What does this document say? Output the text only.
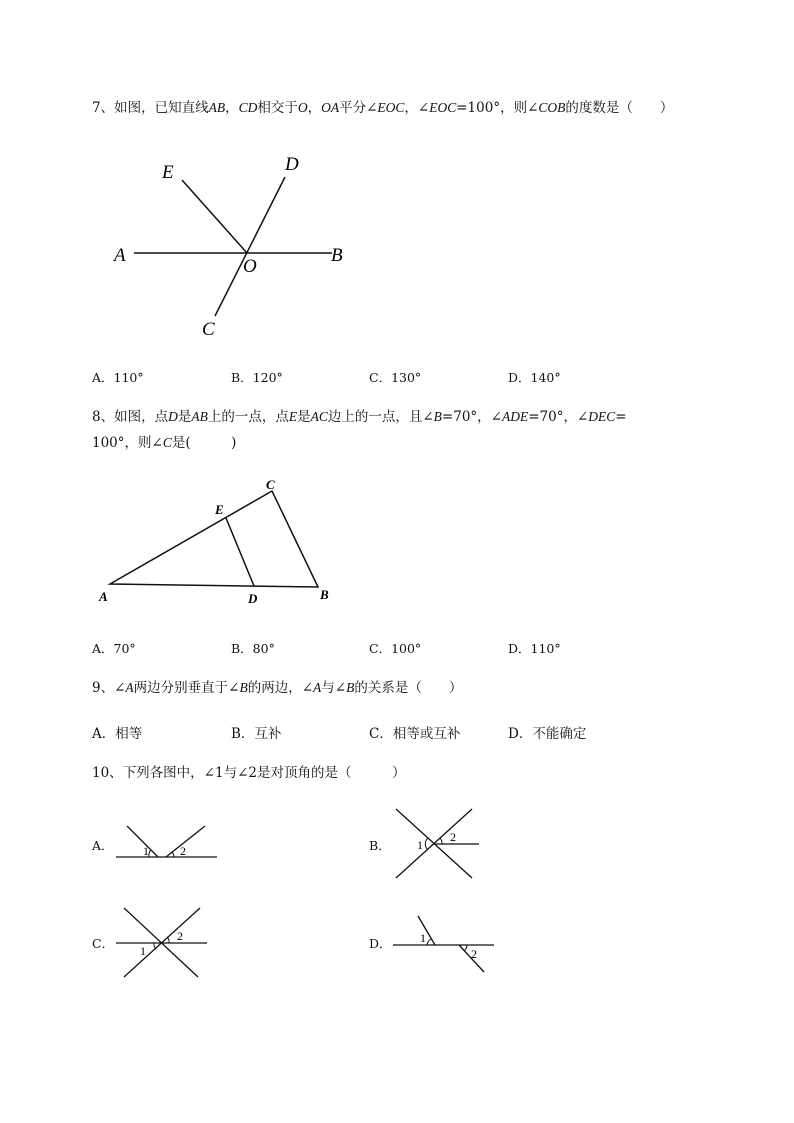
7、如图，已知直线AB，CD相交于O，OA平分∠EOC，∠EOC=100°，则∠COB的度数是（　　）
E	D
A
O
B
C
A．110°	B．120°	C．130°	D．140°
8、如图，点D是AB上的一点，点E是AC边上的一点，且∠B=70°，∠ADE=70°，∠DEC=
100°，则∠C是(　　　)
C
E
A	D	B
A．70°	B．80°	C．100°	D．110°
9、∠A两边分别垂直于∠B的两边，∠A与∠B的关系是（　　）
A．相等	B．互补	C．相等或互补	D．不能确定
10、下列各图中，∠1与∠2是对顶角的是（　　　）
A．	B．
C．	D．
1	2	1
2
1
2	1
2
